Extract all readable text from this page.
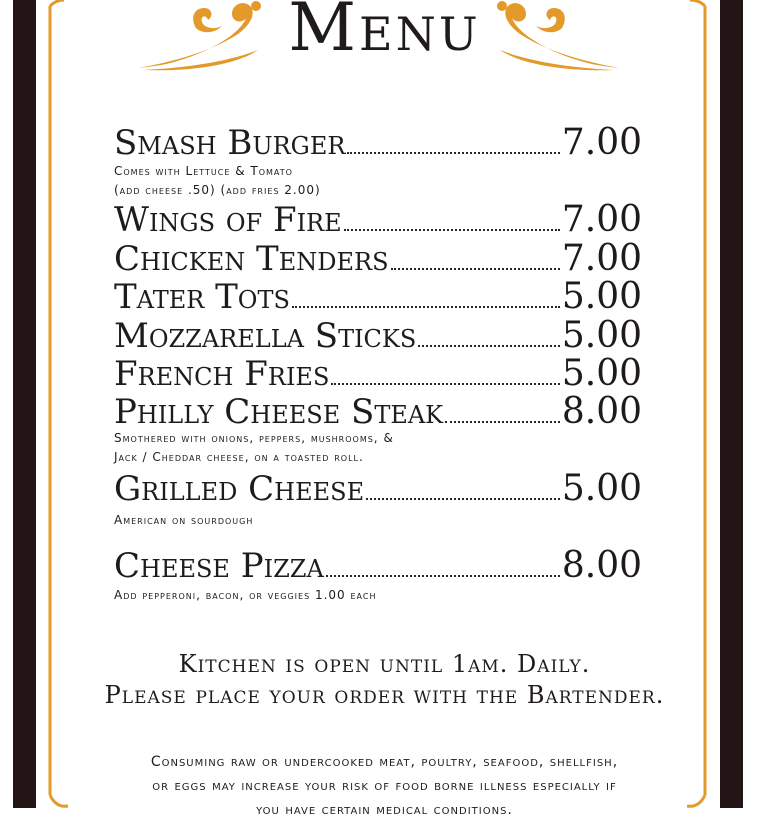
Menu
Smash Burger	7.00
Comes with Lettuce & Tomato
(add cheese .50) (add fries 2.00)
Wings of Fire	7.00
Chicken Tenders	7.00
Tater Tots	5.00
Mozzarella Sticks	5.00
French Fries	5.00
Philly Cheese Steak	8.00
Smothered with onions, peppers, mushrooms, &
Jack / Cheddar cheese, on a toasted roll.
Grilled Cheese	5.00
American on sourdough
Cheese Pizza	8.00
Add pepperoni, bacon, or veggies 1.00 each
Kitchen is open until 1am. Daily.
Please place your order with the Bartender.
Consuming raw or undercooked meat, poultry, seafood, shellfish,
or eggs may increase your risk of food borne illness especially if
you have certain medical conditions.
